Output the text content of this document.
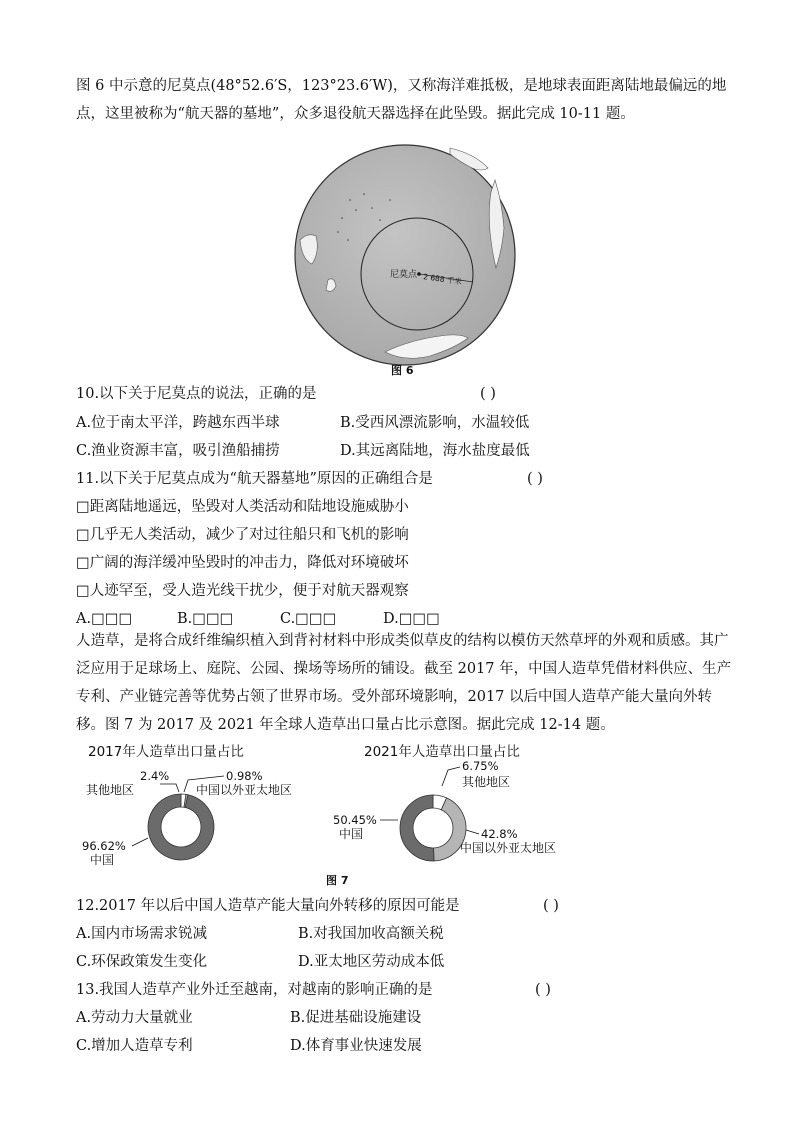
图 6 中示意的尼莫点(48°52.6′S，123°23.6′W)，又称海洋难抵极，是地球表面距离陆地最偏远的地点，这里被称为“航天器的墓地”，众多退役航天器选择在此坠毁。据此完成 10-11 题。

尼莫点 2 688 千米
图 6
10.以下关于尼莫点的说法，正确的是	( )
A.位于南太平洋，跨越东西半球	B.受西风漂流影响，水温较低
C.渔业资源丰富，吸引渔船捕捞	D.其远离陆地，海水盐度最低
11.以下关于尼莫点成为“航天器墓地”原因的正确组合是	( )
□距离陆地遥远，坠毁对人类活动和陆地设施威胁小
□几乎无人类活动，减少了对过往船只和飞机的影响
□广阔的海洋缓冲坠毁时的冲击力，降低对环境破坏
□人迹罕至，受人造光线干扰少，便于对航天器观察
A.□□□	B.□□□	C.□□□	D.□□□

人造草，是将合成纤维编织植入到背衬材料中形成类似草皮的结构以模仿天然草坪的外观和质感。其广泛应用于足球场上、庭院、公园、操场等场所的铺设。截至 2017 年，中国人造草凭借材料供应、生产专利、产业链完善等优势占领了世界市场。受外部环境影响，2017 以后中国人造草产能大量向外转移。图 7 为 2017 及 2021 年全球人造草出口量占比示意图。据此完成 12-14 题。

2017年人造草出口量占比
2.4%
其他地区
0.98%
中国以外亚太地区
96.62%
中国
2021年人造草出口量占比
6.75%
其他地区
50.45%
中国	42.8%
中国以外亚太地区
图 7
12.2017 年以后中国人造草产能大量向外转移的原因可能是	( )
A.国内市场需求锐减	B.对我国加收高额关税
C.环保政策发生变化	D.亚太地区劳动成本低
13.我国人造草产业外迁至越南，对越南的影响正确的是	( )
A.劳动力大量就业	B.促进基础设施建设
C.增加人造草专利	D.体育事业快速发展
